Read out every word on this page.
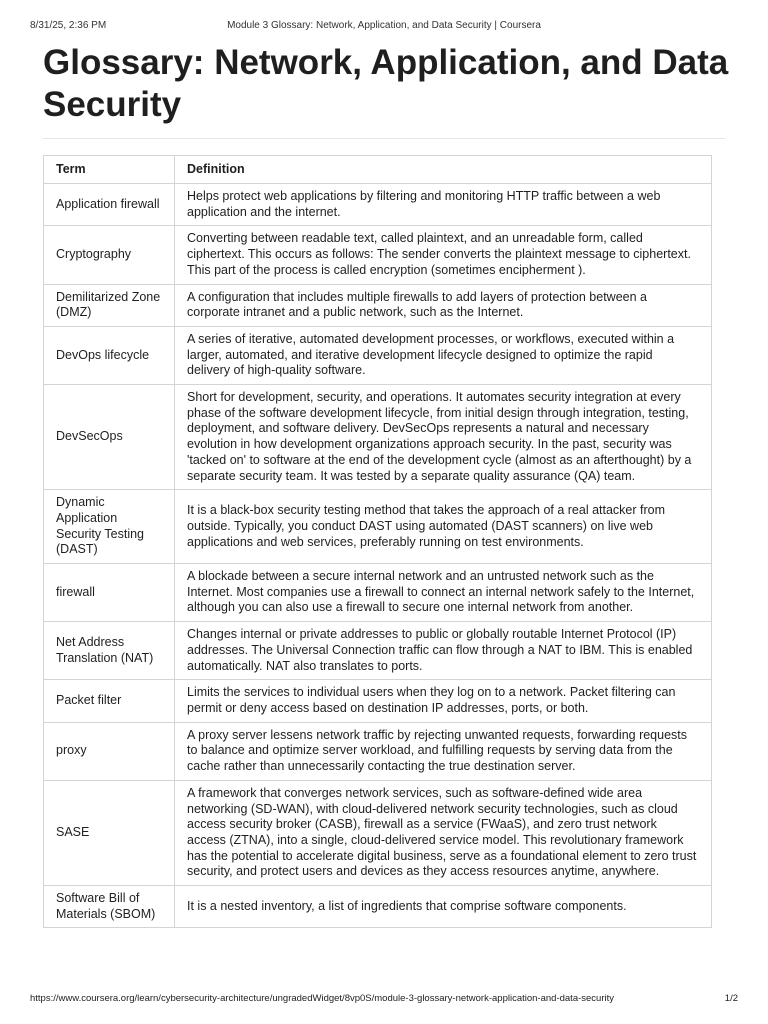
8/31/25, 2:36 PM	Module 3 Glossary: Network, Application, and Data Security | Coursera
Glossary: Network, Application, and Data Security
Term	Definition
Application firewall	Helps protect web applications by filtering and monitoring HTTP traffic between a web application and the internet.
Cryptography	Converting between readable text, called plaintext, and an unreadable form, called ciphertext. This occurs as follows: The sender converts the plaintext message to ciphertext. This part of the process is called encryption (sometimes encipherment ).
Demilitarized Zone (DMZ)	A configuration that includes multiple firewalls to add layers of protection between a corporate intranet and a public network, such as the Internet.
DevOps lifecycle	A series of iterative, automated development processes, or workflows, executed within a larger, automated, and iterative development lifecycle designed to optimize the rapid delivery of high-quality software.
DevSecOps	Short for development, security, and operations. It automates security integration at every phase of the software development lifecycle, from initial design through integration, testing, deployment, and software delivery. DevSecOps represents a natural and necessary evolution in how development organizations approach security. In the past, security was 'tacked on' to software at the end of the development cycle (almost as an afterthought) by a separate security team. It was tested by a separate quality assurance (QA) team.
Dynamic Application Security Testing (DAST)	It is a black-box security testing method that takes the approach of a real attacker from outside. Typically, you conduct DAST using automated (DAST scanners) on live web applications and web services, preferably running on test environments.
firewall	A blockade between a secure internal network and an untrusted network such as the Internet. Most companies use a firewall to connect an internal network safely to the Internet, although you can also use a firewall to secure one internal network from another.
Net Address Translation (NAT)	Changes internal or private addresses to public or globally routable Internet Protocol (IP) addresses. The Universal Connection traffic can flow through a NAT to IBM. This is enabled automatically. NAT also translates to ports.
Packet filter	Limits the services to individual users when they log on to a network. Packet filtering can permit or deny access based on destination IP addresses, ports, or both.
proxy	A proxy server lessens network traffic by rejecting unwanted requests, forwarding requests to balance and optimize server workload, and fulfilling requests by serving data from the cache rather than unnecessarily contacting the true destination server.
SASE	A framework that converges network services, such as software-defined wide area networking (SD-WAN), with cloud-delivered network security technologies, such as cloud access security broker (CASB), firewall as a service (FWaaS), and zero trust network access (ZTNA), into a single, cloud-delivered service model. This revolutionary framework has the potential to accelerate digital business, serve as a foundational element to zero trust security, and protect users and devices as they access resources anytime, anywhere.
Software Bill of Materials (SBOM)	It is a nested inventory, a list of ingredients that comprise software components.
https://www.coursera.org/learn/cybersecurity-architecture/ungradedWidget/8vp0S/module-3-glossary-network-application-and-data-security	1/2
